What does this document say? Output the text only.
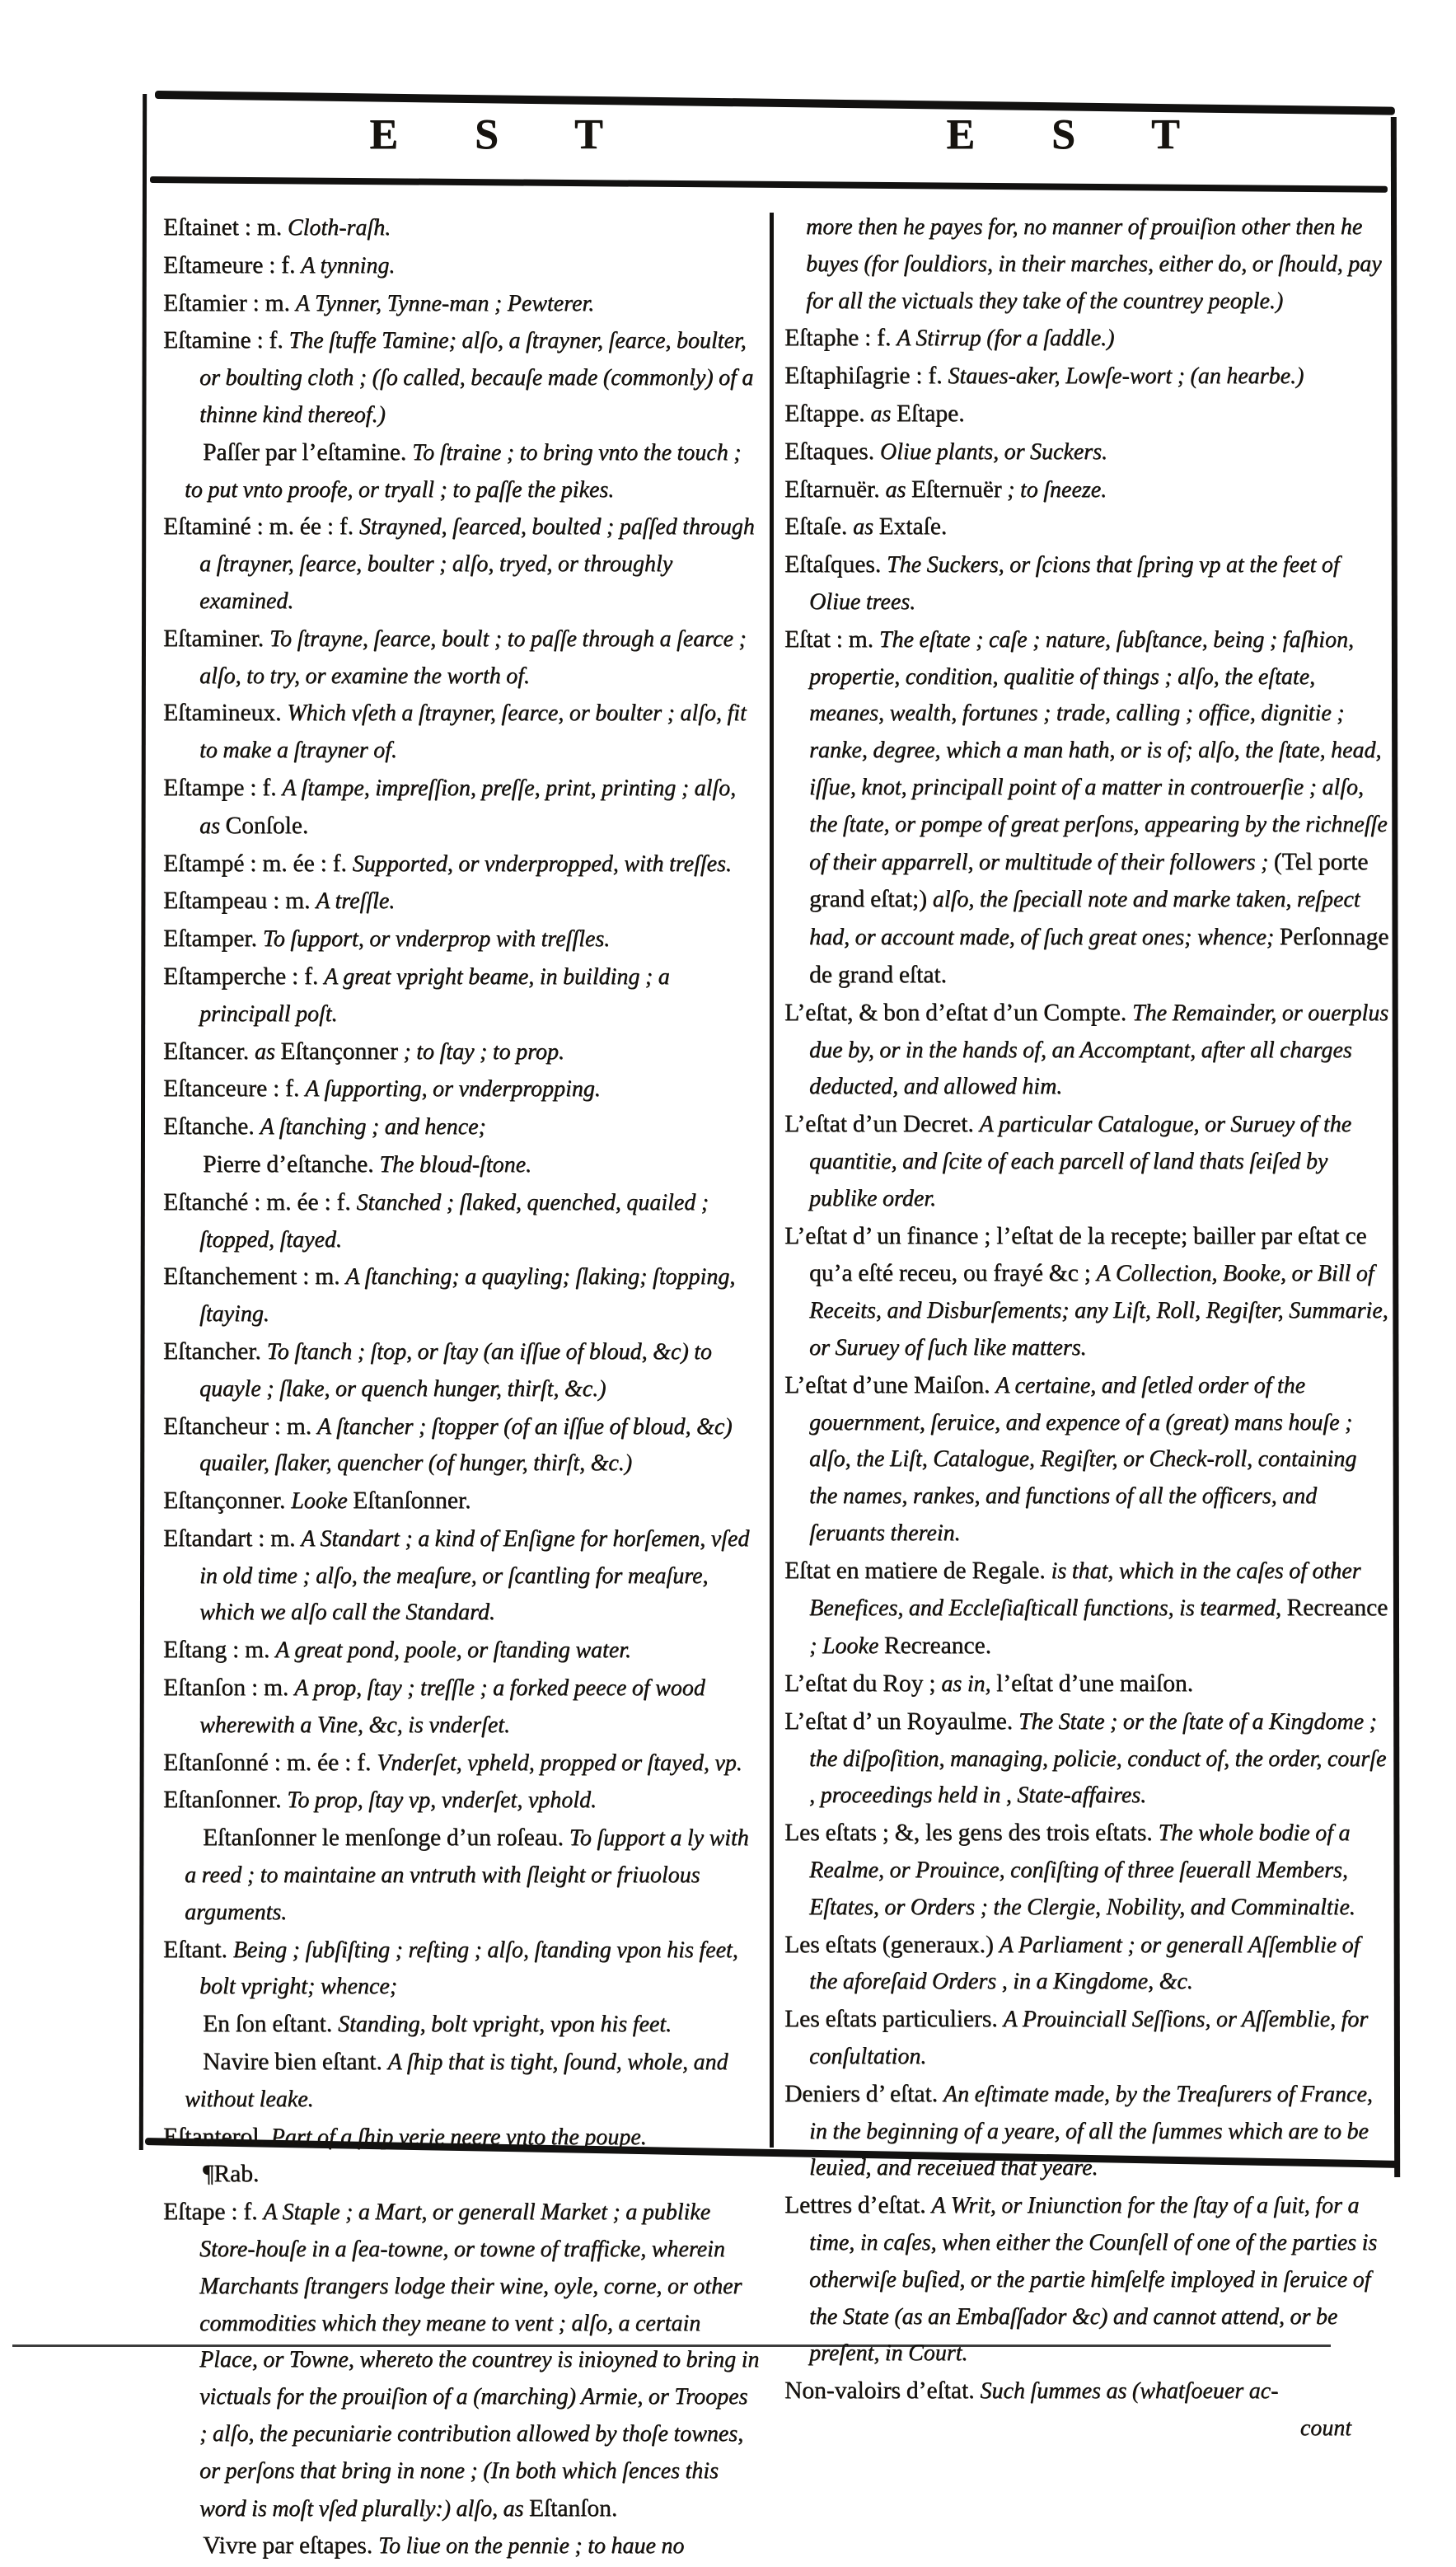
E S T	E S T

Eſtainet : m. Cloth-raſh.

Eſtameure : f. A tynning.

Eſtamier : m. A Tynner, Tynne-man ; Pewterer.

Eſtamine : f. The ſtuffe Tamine; alſo, a ſtrayner, ſearce, boulter, or boulting cloth ; (ſo called, becauſe made (commonly) of a thinne kind thereof.)

Paſſer par l’eſtamine. To ſtraine ; to bring vnto the touch ; to put vnto proofe, or tryall ; to paſſe the pikes.

Eſtaminé : m. ée : f. Strayned, ſearced, boulted ; paſſed through a ſtrayner, ſearce, boulter ; alſo, tryed, or throughly examined.

Eſtaminer. To ſtrayne, ſearce, boult ; to paſſe through a ſearce ; alſo, to try, or examine the worth of.

Eſtamineux. Which vſeth a ſtrayner, ſearce, or boulter ; alſo, fit to make a ſtrayner of.

Eſtampe : f. A ſtampe, impreſſion, preſſe, print, printing ; alſo, as Conſole.

Eſtampé : m. ée : f. Supported, or vnderpropped, with treſſes.

Eſtampeau : m. A treſſle.

Eſtamper. To ſupport, or vnderprop with treſſles.

Eſtamperche : f. A great vpright beame, in building ; a principall poſt.

Eſtancer. as Eſtançonner ; to ſtay ; to prop.

Eſtanceure : f. A ſupporting, or vnderpropping.

Eſtanche. A ſtanching ; and hence;

Pierre d’eſtanche. The bloud-ſtone.

Eſtanché : m. ée : f. Stanched ; ſlaked, quenched, quailed ; ſtopped, ſtayed.

Eſtanchement : m. A ſtanching; a quayling; ſlaking; ſtopping, ſtaying.

Eſtancher. To ſtanch ; ſtop, or ſtay (an iſſue of bloud, &c) to quayle ; ſlake, or quench hunger, thirſt, &c.)

Eſtancheur : m. A ſtancher ; ſtopper (of an iſſue of bloud, &c) quailer, ſlaker, quencher (of hunger, thirſt, &c.)

Eſtançonner. Looke Eſtanſonner.

Eſtandart : m. A Standart ; a kind of Enſigne for horſemen, vſed in old time ; alſo, the meaſure, or ſcantling for meaſure, which we alſo call the Standard.

Eſtang : m. A great pond, poole, or ſtanding water.

Eſtanſon : m. A prop, ſtay ; treſſle ; a forked peece of wood wherewith a Vine, &c, is vnderſet.

Eſtanſonné : m. ée : f. Vnderſet, vpheld, propped or ſtayed, vp.

Eſtanſonner. To prop, ſtay vp, vnderſet, vphold.

Eſtanſonner le menſonge d’un roſeau. To ſupport a ly with a reed ; to maintaine an vntruth with ſleight or friuolous arguments.

Eſtant. Being ; ſubſiſting ; reſting ; alſo, ſtanding vpon his feet, bolt vpright; whence;

En ſon eſtant. Standing, bolt vpright, vpon his feet.

Navire bien eſtant. A ſhip that is tight, ſound, whole, and without leake.

Eſtanterol. Part of a ſhip verie neere vnto the poupe.

¶Rab.

Eſtape : f. A Staple ; a Mart, or generall Market ; a publike Store-houſe in a ſea-towne, or towne of trafficke, wherein Marchants ſtrangers lodge their wine, oyle, corne, or other commodities which they meane to vent ; alſo, a certain Place, or Towne, whereto the countrey is inioyned to bring in victuals for the prouiſion of a (marching) Armie, or Troopes ; alſo, the pecuniarie contribution allowed by thoſe townes, or perſons that bring in none ; (In both which ſences this word is moſt vſed plurally:) alſo, as Eſtanſon.

Vivre par eſtapes. To liue on the pennie ; to haue no

more then he payes for, no manner of prouiſion other then he buyes (for ſouldiors, in their marches, either do, or ſhould, pay for all the victuals they take of the countrey people.)

Eſtaphe : f. A Stirrup (for a ſaddle.)

Eſtaphiſagrie : f. Staues-aker, Lowſe-wort ; (an hearbe.)

Eſtappe. as Eſtape.

Eſtaques. Oliue plants, or Suckers.

Eſtarnuër. as Eſternuër ; to ſneeze.

Eſtaſe. as Extaſe.

Eſtaſques. The Suckers, or ſcions that ſpring vp at the feet of Oliue trees.

Eſtat : m. The eſtate ; caſe ; nature, ſubſtance, being ; faſhion, propertie, condition, qualitie of things ; alſo, the eſtate, meanes, wealth, fortunes ; trade, calling ; office, dignitie ; ranke, degree, which a man hath, or is of; alſo, the ſtate, head, iſſue, knot, principall point of a matter in controuerſie ; alſo, the ſtate, or pompe of great perſons, appearing by the richneſſe of their apparrell, or multitude of their followers ; (Tel porte grand eſtat;) alſo, the ſpeciall note and marke taken, reſpect had, or account made, of ſuch great ones; whence; Perſonnage de grand eſtat.

L’eſtat, & bon d’eſtat d’un Compte. The Remainder, or ouerplus due by, or in the hands of, an Accomptant, after all charges deducted, and allowed him.

L’eſtat d’un Decret. A particular Catalogue, or Suruey of the quantitie, and ſcite of each parcell of land thats ſeiſed by publike order.

L’eſtat d’ un finance ; l’eſtat de la recepte; bailler par eſtat ce qu’a eſté receu, ou frayé &c ; A Collection, Booke, or Bill of Receits, and Disburſements; any Liſt, Roll, Regiſter, Summarie, or Suruey of ſuch like matters.

L’eſtat d’une Maiſon. A certaine, and ſetled order of the gouernment, ſeruice, and expence of a (great) mans houſe ; alſo, the Liſt, Catalogue, Regiſter, or Check-roll, containing the names, rankes, and functions of all the officers, and ſeruants therein.

Eſtat en matiere de Regale. is that, which in the caſes of other Benefices, and Eccleſiaſticall functions, is tearmed, Recreance ; Looke Recreance.

L’eſtat du Roy ; as in, l’eſtat d’une maiſon.

L’eſtat d’ un Royaulme. The State ; or the ſtate of a Kingdome ; the diſpoſition, managing, policie, conduct of, the order, courſe , proceedings held in , State-affaires.

Les eſtats ; &, les gens des trois eſtats. The whole bodie of a Realme, or Prouince, conſiſting of three ſeuerall Members, Eſtates, or Orders ; the Clergie, Nobility, and Comminaltie.

Les eſtats (generaux.) A Parliament ; or generall Aſſemblie of the aforeſaid Orders , in a Kingdome, &c.

Les eſtats particuliers. A Prouinciall Seſſions, or Aſſemblie, for conſultation.

Deniers d’ eſtat. An eſtimate made, by the Treaſurers of France, in the beginning of a yeare, of all the ſummes which are to be leuied, and receiued that yeare.

Lettres d’eſtat. A Writ, or Iniunction for the ſtay of a ſuit, for a time, in caſes, when either the Counſell of one of the parties is otherwiſe buſied, or the partie himſelfe imployed in ſeruice of the State (as an Embaſſador &c) and cannot attend, or be preſent, in Court.

Non-valoirs d’eſtat. Such ſummes as (whatſoeuer ac-

count
